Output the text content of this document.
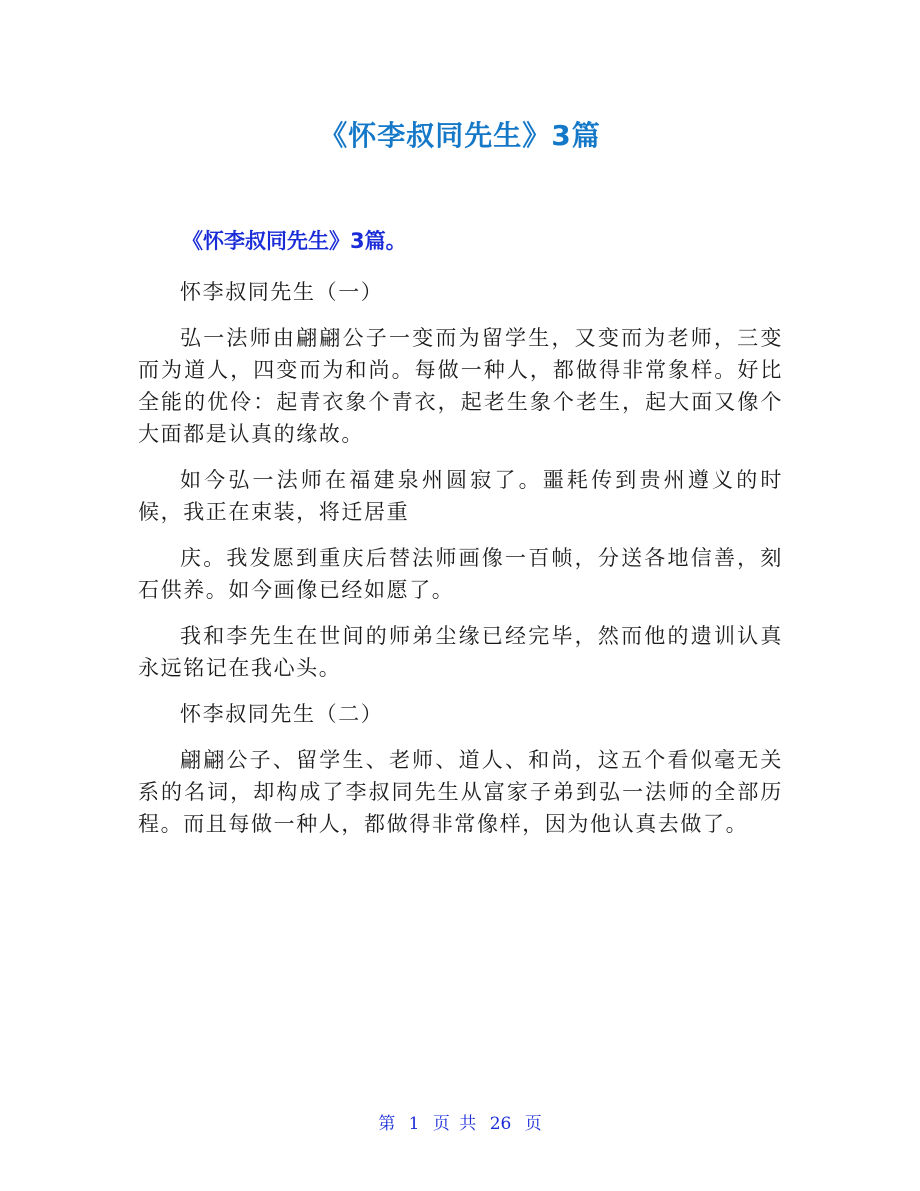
《怀李叔同先生》3篇
《怀李叔同先生》3篇。

怀李叔同先生（一）

弘一法师由翩翩公子一变而为留学生，又变而为老师，三变而为道人，四变而为和尚。每做一种人，都做得非常象样。好比全能的优伶：起青衣象个青衣，起老生象个老生，起大面又像个大面都是认真的缘故。

如今弘一法师在福建泉州圆寂了。噩耗传到贵州遵义的时候，我正在束装，将迁居重

庆。我发愿到重庆后替法师画像一百帧，分送各地信善，刻石供养。如今画像已经如愿了。

我和李先生在世间的师弟尘缘已经完毕，然而他的遗训认真永远铭记在我心头。

怀李叔同先生（二）

翩翩公子、留学生、老师、道人、和尚，这五个看似毫无关系的名词，却构成了李叔同先生从富家子弟到弘一法师的全部历程。而且每做一种人，都做得非常像样，因为他认真去做了。

第 1 页 共 26 页
